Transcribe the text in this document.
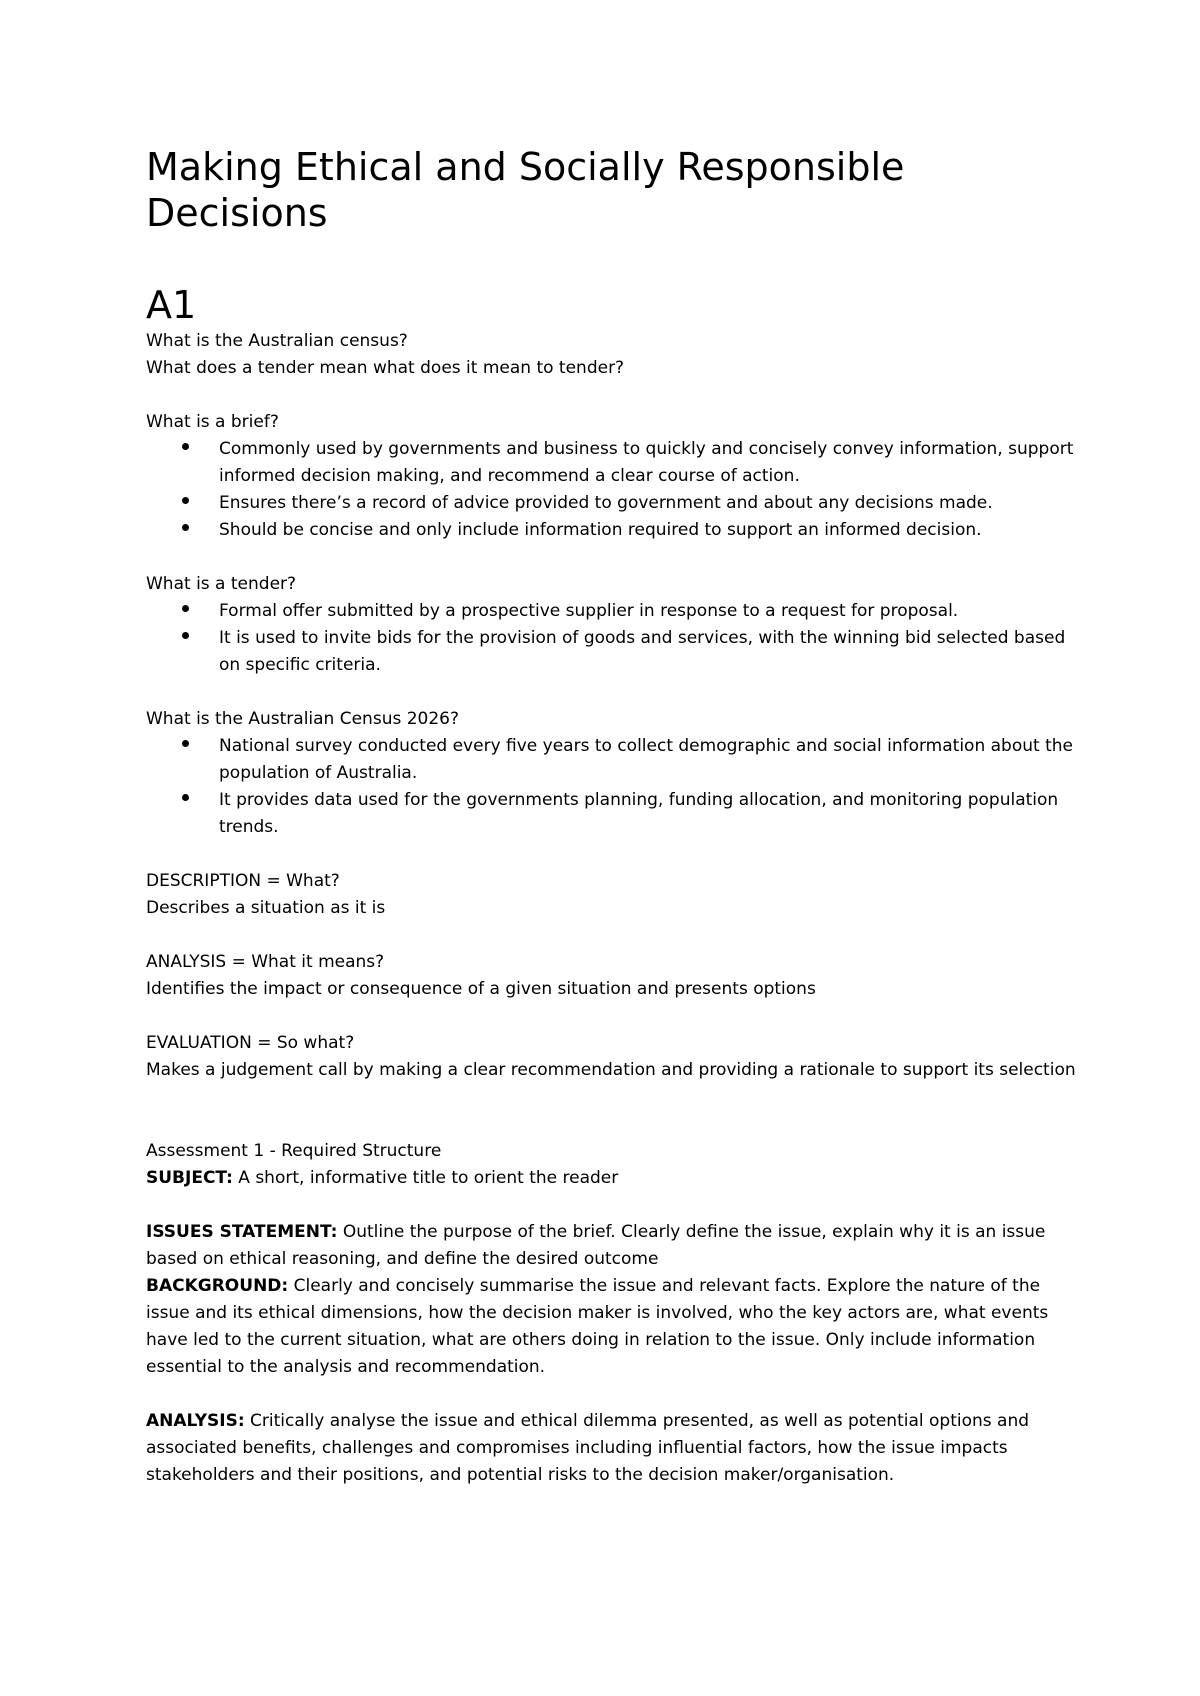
Making Ethical and Socially Responsible Decisions
A1

What is the Australian census?

What does a tender mean what does it mean to tender?

What is a brief?

Commonly used by governments and business to quickly and concisely convey information, support informed decision making, and recommend a clear course of action.
Ensures there’s a record of advice provided to government and about any decisions made.
Should be concise and only include information required to support an informed decision.

What is a tender?

Formal offer submitted by a prospective supplier in response to a request for proposal.
It is used to invite bids for the provision of goods and services, with the winning bid selected based on specific criteria.

What is the Australian Census 2026?

National survey conducted every five years to collect demographic and social information about the population of Australia.
It provides data used for the governments planning, funding allocation, and monitoring population trends.

DESCRIPTION = What?

Describes a situation as it is

ANALYSIS = What it means?

Identifies the impact or consequence of a given situation and presents options

EVALUATION = So what?

Makes a judgement call by making a clear recommendation and providing a rationale to support its selection

Assessment 1 - Required Structure

SUBJECT: A short, informative title to orient the reader

ISSUES STATEMENT: Outline the purpose of the brief. Clearly define the issue, explain why it is an issue based on ethical reasoning, and define the desired outcome

BACKGROUND: Clearly and concisely summarise the issue and relevant facts. Explore the nature of the issue and its ethical dimensions, how the decision maker is involved, who the key actors are, what events have led to the current situation, what are others doing in relation to the issue. Only include information essential to the analysis and recommendation.

ANALYSIS: Critically analyse the issue and ethical dilemma presented, as well as potential options and associated benefits, challenges and compromises including influential factors, how the issue impacts stakeholders and their positions, and potential risks to the decision maker/organisation.
